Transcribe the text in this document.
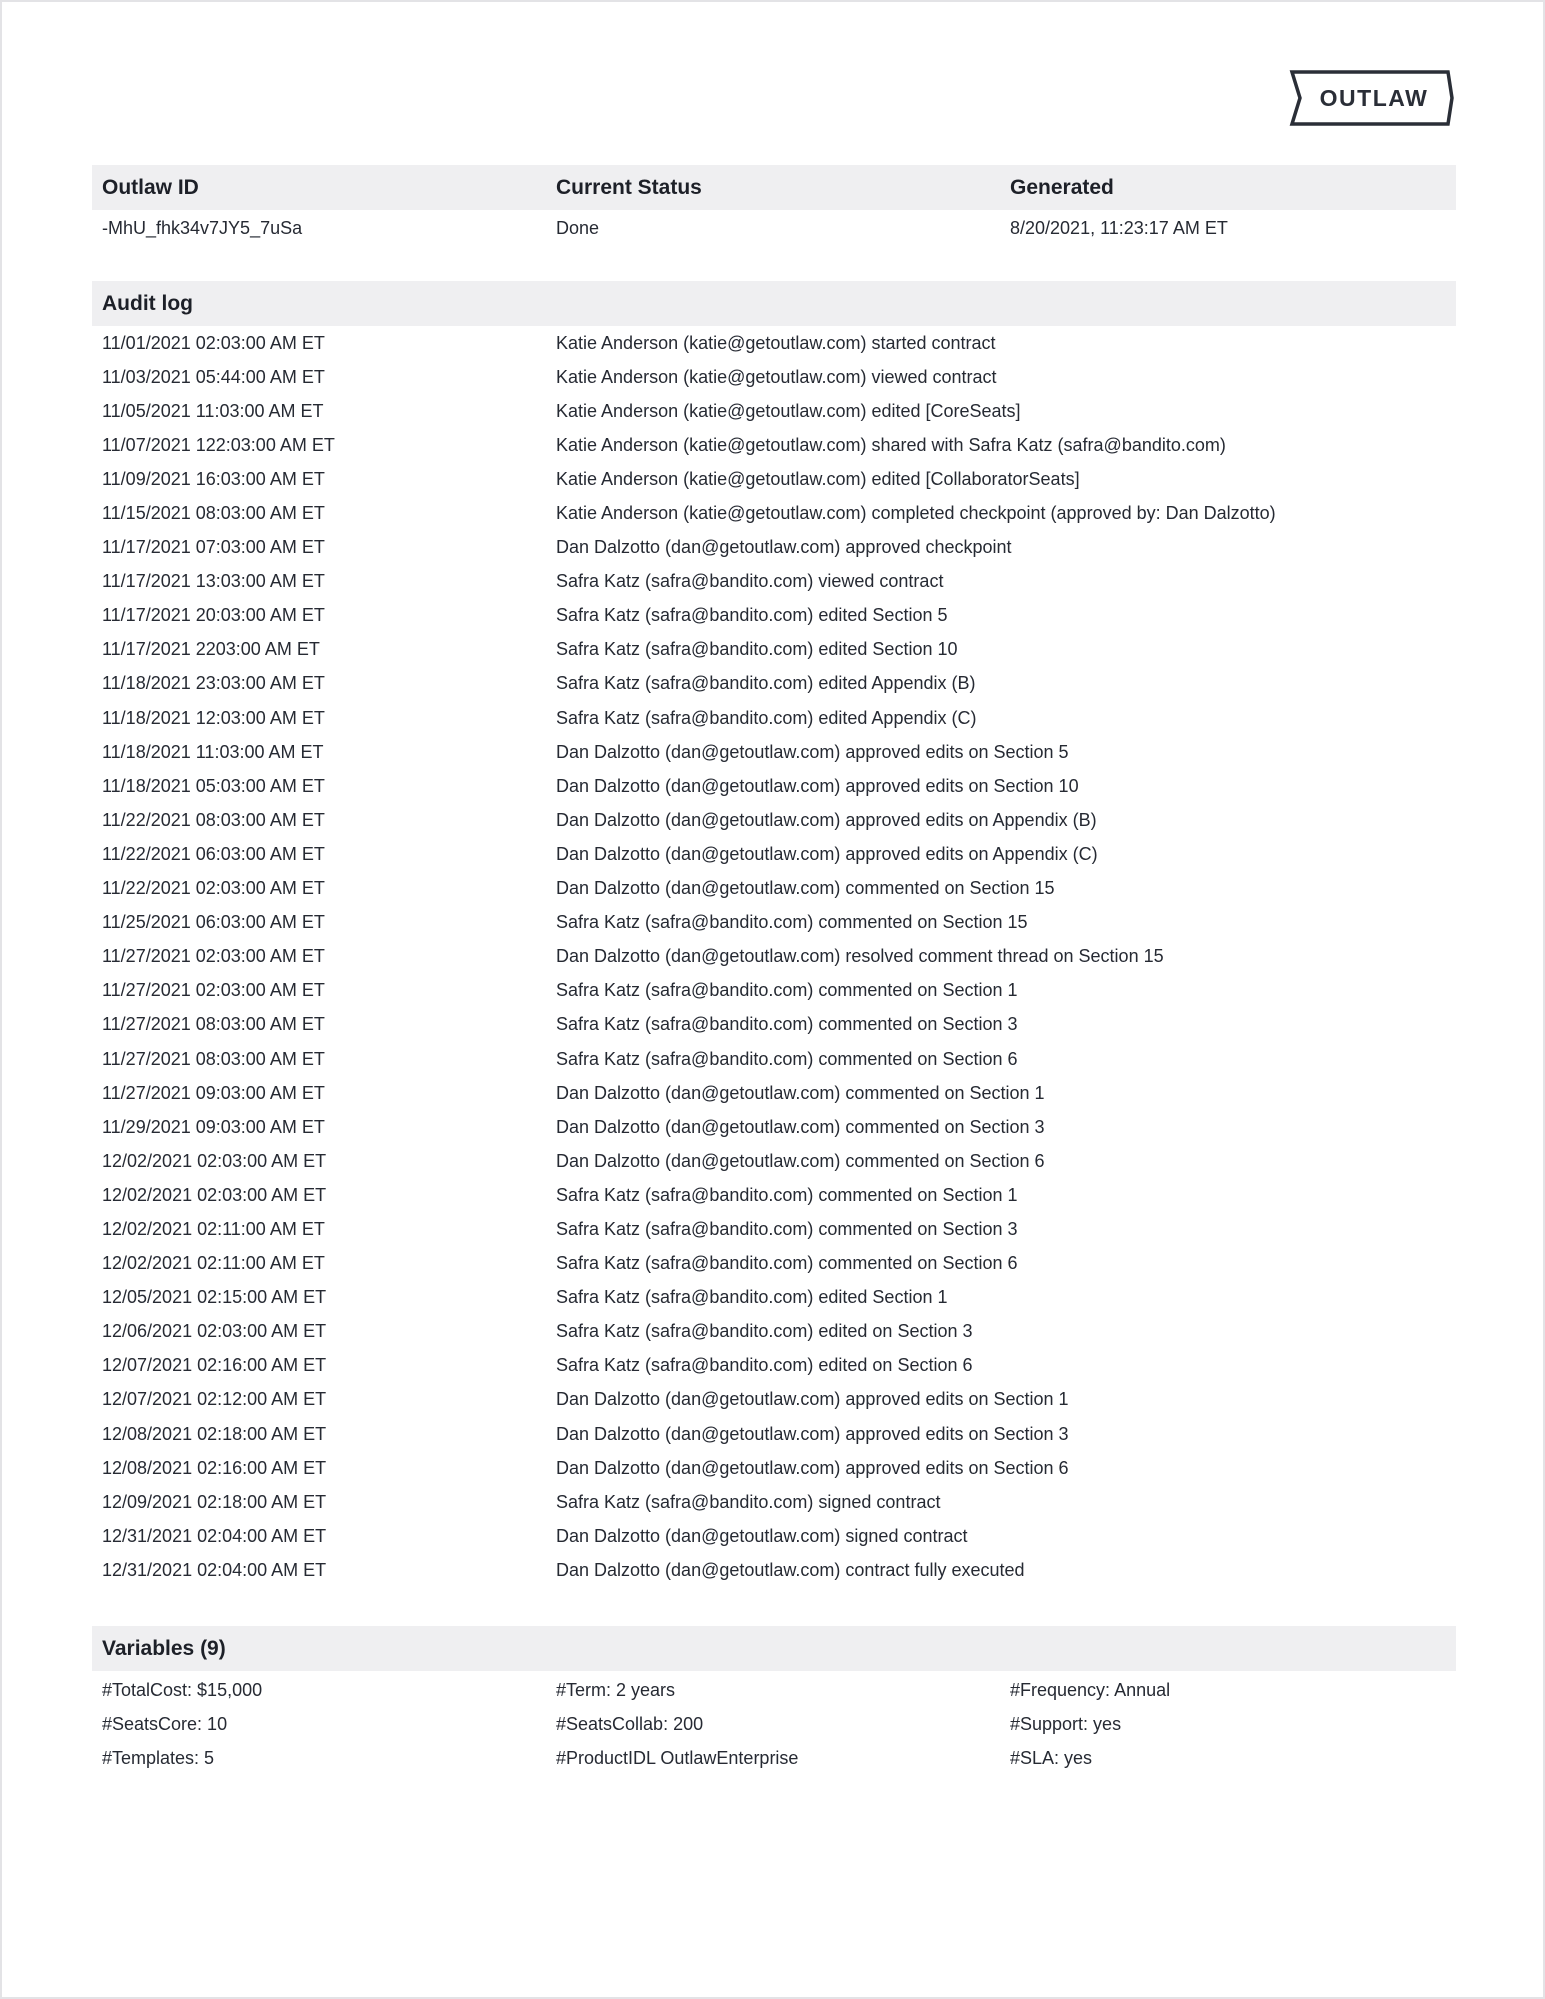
OUTLAW
Outlaw ID	Current Status	Generated
-MhU_fhk34v7JY5_7uSa	Done	8/20/2021, 11:23:17 AM ET
Audit log
11/01/2021 02:03:00 AM ET	Katie Anderson (katie@getoutlaw.com) started contract
11/03/2021 05:44:00 AM ET	Katie Anderson (katie@getoutlaw.com) viewed contract
11/05/2021 11:03:00 AM ET	Katie Anderson (katie@getoutlaw.com) edited [CoreSeats]
11/07/2021 122:03:00 AM ET	Katie Anderson (katie@getoutlaw.com) shared with Safra Katz (safra@bandito.com)
11/09/2021 16:03:00 AM ET	Katie Anderson (katie@getoutlaw.com) edited [CollaboratorSeats]
11/15/2021 08:03:00 AM ET	Katie Anderson (katie@getoutlaw.com) completed checkpoint (approved by: Dan Dalzotto)
11/17/2021 07:03:00 AM ET	Dan Dalzotto (dan@getoutlaw.com) approved checkpoint
11/17/2021 13:03:00 AM ET	Safra Katz (safra@bandito.com) viewed contract
11/17/2021 20:03:00 AM ET	Safra Katz (safra@bandito.com) edited Section 5
11/17/2021 2203:00 AM ET	Safra Katz (safra@bandito.com) edited Section 10
11/18/2021 23:03:00 AM ET	Safra Katz (safra@bandito.com) edited Appendix (B)
11/18/2021 12:03:00 AM ET	Safra Katz (safra@bandito.com) edited Appendix (C)
11/18/2021 11:03:00 AM ET	Dan Dalzotto (dan@getoutlaw.com) approved edits on Section 5
11/18/2021 05:03:00 AM ET	Dan Dalzotto (dan@getoutlaw.com) approved edits on Section 10
11/22/2021 08:03:00 AM ET	Dan Dalzotto (dan@getoutlaw.com) approved edits on Appendix (B)
11/22/2021 06:03:00 AM ET	Dan Dalzotto (dan@getoutlaw.com) approved edits on Appendix (C)
11/22/2021 02:03:00 AM ET	Dan Dalzotto (dan@getoutlaw.com) commented on Section 15
11/25/2021 06:03:00 AM ET	Safra Katz (safra@bandito.com) commented on Section 15
11/27/2021 02:03:00 AM ET	Dan Dalzotto (dan@getoutlaw.com) resolved comment thread on Section 15
11/27/2021 02:03:00 AM ET	Safra Katz (safra@bandito.com) commented on Section 1
11/27/2021 08:03:00 AM ET	Safra Katz (safra@bandito.com) commented on Section 3
11/27/2021 08:03:00 AM ET	Safra Katz (safra@bandito.com) commented on Section 6
11/27/2021 09:03:00 AM ET	Dan Dalzotto (dan@getoutlaw.com) commented on Section 1
11/29/2021 09:03:00 AM ET	Dan Dalzotto (dan@getoutlaw.com) commented on Section 3
12/02/2021 02:03:00 AM ET	Dan Dalzotto (dan@getoutlaw.com) commented on Section 6
12/02/2021 02:03:00 AM ET	Safra Katz (safra@bandito.com) commented on Section 1
12/02/2021 02:11:00 AM ET	Safra Katz (safra@bandito.com) commented on Section 3
12/02/2021 02:11:00 AM ET	Safra Katz (safra@bandito.com) commented on Section 6
12/05/2021 02:15:00 AM ET	Safra Katz (safra@bandito.com) edited Section 1
12/06/2021 02:03:00 AM ET	Safra Katz (safra@bandito.com) edited on Section 3
12/07/2021 02:16:00 AM ET	Safra Katz (safra@bandito.com) edited on Section 6
12/07/2021 02:12:00 AM ET	Dan Dalzotto (dan@getoutlaw.com) approved edits on Section 1
12/08/2021 02:18:00 AM ET	Dan Dalzotto (dan@getoutlaw.com) approved edits on Section 3
12/08/2021 02:16:00 AM ET	Dan Dalzotto (dan@getoutlaw.com) approved edits on Section 6
12/09/2021 02:18:00 AM ET	Safra Katz (safra@bandito.com) signed contract
12/31/2021 02:04:00 AM ET	Dan Dalzotto (dan@getoutlaw.com) signed contract
12/31/2021 02:04:00 AM ET	Dan Dalzotto (dan@getoutlaw.com) contract fully executed
Variables (9)
#TotalCost: $15,000	#Term: 2 years	#Frequency: Annual
#SeatsCore: 10	#SeatsCollab: 200	#Support: yes
#Templates: 5	#ProductIDL OutlawEnterprise	#SLA: yes
